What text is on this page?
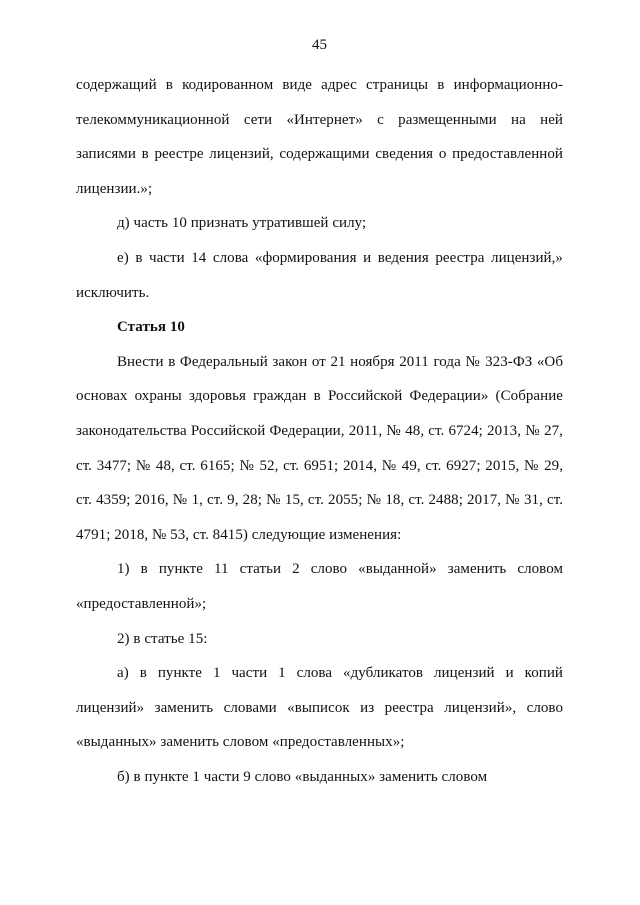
45

содержащий в кодированном виде адрес страницы в информационно-телекоммуникационной сети «Интернет» с размещенными на ней записями в реестре лицензий, содержащими сведения о предоставленной лицензии.»;

д) часть 10 признать утратившей силу;

е) в части 14 слова «формирования и ведения реестра лицензий,» исключить.

Статья 10

Внести в Федеральный закон от 21 ноября 2011 года № 323-ФЗ «Об основах охраны здоровья граждан в Российской Федерации» (Собрание законодательства Российской Федерации, 2011, № 48, ст. 6724; 2013, № 27, ст. 3477; № 48, ст. 6165; № 52, ст. 6951; 2014, № 49, ст. 6927; 2015, № 29, ст. 4359; 2016, № 1, ст. 9, 28; № 15, ст. 2055; № 18, ст. 2488; 2017, № 31, ст. 4791; 2018, № 53, ст. 8415) следующие изменения:

1) в пункте 11 статьи 2 слово «выданной» заменить словом «предоставленной»;

2) в статье 15:

а) в пункте 1 части 1 слова «дубликатов лицензий и копий лицензий» заменить словами «выписок из реестра лицензий», слово «выданных» заменить словом «предоставленных»;

б) в пункте 1 части 9 слово «выданных» заменить словом
